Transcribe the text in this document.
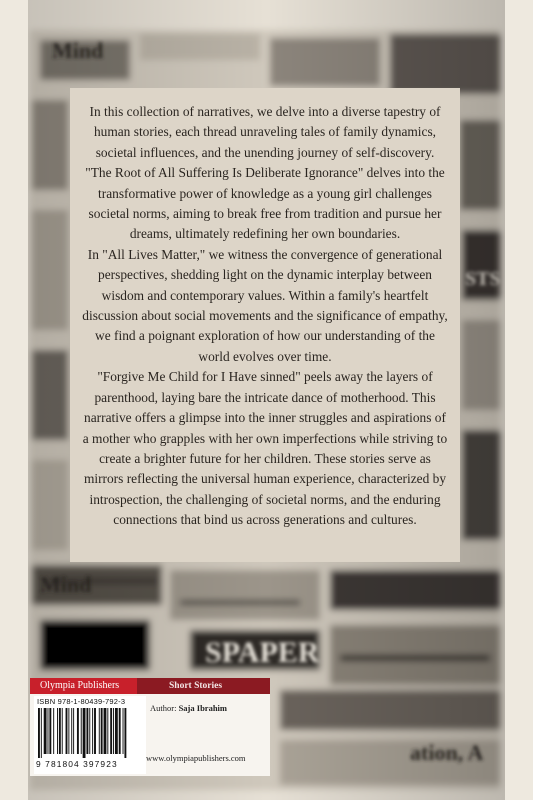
In this collection of narratives, we delve into a diverse tapestry of human stories, each thread unraveling tales of family dynamics, societal influences, and the unending journey of self-discovery. "The Root of All Suffering Is Deliberate Ignorance" delves into the transformative power of knowledge as a young girl challenges societal norms, aiming to break free from tradition and pursue her dreams, ultimately redefining her own boundaries.

In "All Lives Matter," we witness the convergence of generational perspectives, shedding light on the dynamic interplay between wisdom and contemporary values. Within a family's heartfelt discussion about social movements and the significance of empathy, we find a poignant exploration of how our understanding of the world evolves over time.

"Forgive Me Child for I Have sinned" peels away the layers of parenthood, laying bare the intricate dance of motherhood. This narrative offers a glimpse into the inner struggles and aspirations of a mother who grapples with her own imperfections while striving to create a brighter future for her children. These stories serve as mirrors reflecting the universal human experience, characterized by introspection, the challenging of societal norms, and the enduring connections that bind us across generations and cultures.

Olympia Publishers	Short Stories
ISBN 978-1-80439-792-3
9 781804 397923
Author: Saja Ibrahim
www.olympiapublishers.com
